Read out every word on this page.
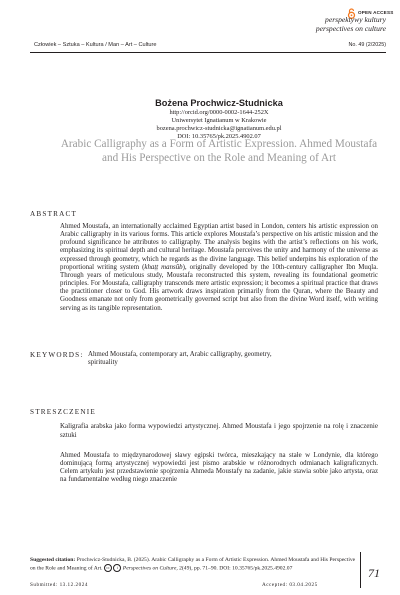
OPEN ACCESS
perspektywy kultury
perspectives on culture
Człowiek – Sztuka – Kultura / Man – Art – Culture	No. 49 (2/2025)
Bożena Prochwicz-Studnicka
http://orcid.org/0000-0002-1644-252X
Uniwersytet Ignatianum w Krakowie
bozena.prochwicz-studnicka@ignatianum.edu.pl
DOI: 10.35765/pk.2025.4902.07
Arabic Calligraphy as a Form of Artistic Expression. Ahmed Moustafa and His Perspective on the Role and Meaning of Art
ABSTRACT
Ahmed Moustafa, an internationally acclaimed Egyptian artist based in London, centers his artistic expression on Arabic calligraphy in its various forms. This article explores Moustafa’s perspective on his artistic mission and the profound significance he attributes to calligraphy. The analysis begins with the artist’s reflections on his work, emphasizing its spiritual depth and cultural heritage. Moustafa perceives the unity and harmony of the universe as expressed through geometry, which he regards as the divine language. This belief underpins his exploration of the proportional writing system (khaṭṭ mansūb), originally developed by the 10th-century calligrapher Ibn Muqla. Through years of meticulous study, Moustafa reconstructed this system, revealing its foundational geometric principles. For Moustafa, calligraphy transcends mere artistic expression; it becomes a spiritual practice that draws the practitioner closer to God. His artwork draws inspiration primarily from the Quran, where the Beauty and Goodness emanate not only from geometrically governed script but also from the divine Word itself, with writing serving as its tangible representation.
KEYWORDS: Ahmed Moustafa, contemporary art, Arabic calligraphy, geometry, spirituality
STRESZCZENIE
Kaligrafia arabska jako forma wypowiedzi artystycznej. Ahmed Moustafa i jego spojrzenie na rolę i znaczenie sztuki
Ahmed Moustafa to międzynarodowej sławy egipski twórca, mieszkający na stałe w Londynie, dla którego dominującą formą artystycznej wypowiedzi jest pismo arabskie w różnorodnych odmianach kaligraficznych. Celem artykułu jest przedstawienie spojrzenia Ahmeda Moustafy na zadanie, jakie stawia sobie jako artysta, oraz na fundamentalne według niego znaczenie
Suggested citation: Prochwicz-Studnicka, B. (2025). Arabic Calligraphy as a Form of Artistic Expression. Ahmed Moustafa and His Perspective on the Role and Meaning of Art. cc i Perspectives on Culture, 2(49), pp. 71–90. DOI: 10.35765/pk.2025.4902.07
Submitted: 13.12.2024	Accepted: 03.04.2025
71
